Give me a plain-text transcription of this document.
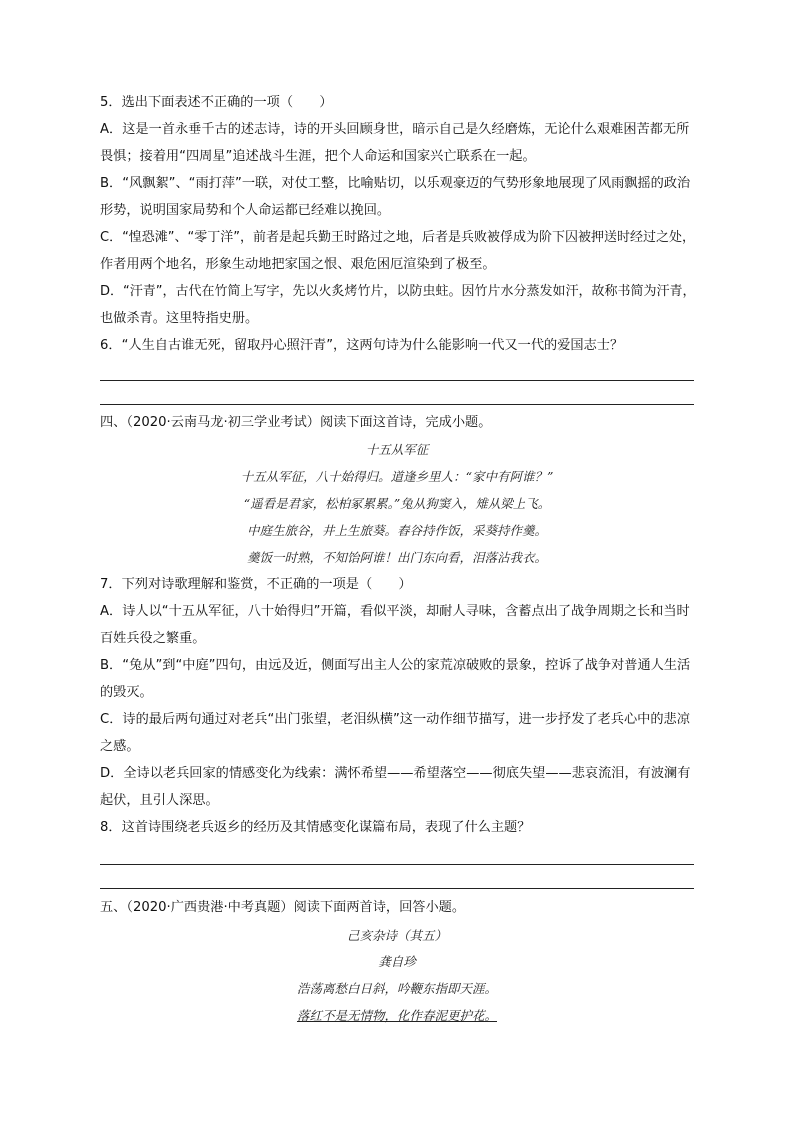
5．选出下面表述不正确的一项（　　）
A．这是一首永垂千古的述志诗，诗的开头回顾身世，暗示自己是久经磨炼，无论什么艰难困苦都无所
畏惧；接着用“四周星”追述战斗生涯，把个人命运和国家兴亡联系在一起。
B．“风飘絮”、“雨打萍”一联，对仗工整，比喻贴切，以乐观豪迈的气势形象地展现了风雨飘摇的政治
形势，说明国家局势和个人命运都已经难以挽回。
C．“惶恐滩”、“零丁洋”，前者是起兵勤王时路过之地，后者是兵败被俘成为阶下囚被押送时经过之处，
作者用两个地名，形象生动地把家国之恨、艰危困厄渲染到了极至。
D．“汗青”，古代在竹简上写字，先以火炙烤竹片，以防虫蛀。因竹片水分蒸发如汗，故称书简为汗青，
也做杀青。这里特指史册。
6．“人生自古谁无死，留取丹心照汗青”，这两句诗为什么能影响一代又一代的爱国志士？
四、（2020·云南马龙·初三学业考试）阅读下面这首诗，完成小题。
十五从军征
十五从军征，八十始得归。道逢乡里人：“家中有阿谁？”
“遥看是君家，松柏冢累累。”兔从狗窦入，雉从梁上飞。
中庭生旅谷，井上生旅葵。舂谷持作饭，采葵持作羹。
羹饭一时熟，不知饴阿谁！出门东向看，泪落沾我衣。
7．下列对诗歌理解和鉴赏，不正确的一项是（　　）
A．诗人以“十五从军征，八十始得归”开篇，看似平淡，却耐人寻味，含蓄点出了战争周期之长和当时
百姓兵役之繁重。
B．“兔从”到“中庭”四句，由远及近，侧面写出主人公的家荒凉破败的景象，控诉了战争对普通人生活
的毁灭。
C．诗的最后两句通过对老兵“出门张望，老泪纵横”这一动作细节描写，进一步抒发了老兵心中的悲凉
之感。
D．全诗以老兵回家的情感变化为线索：满怀希望——希望落空——彻底失望——悲哀流泪，有波澜有
起伏，且引人深思。
8．这首诗围绕老兵返乡的经历及其情感变化谋篇布局，表现了什么主题？
五、（2020·广西贵港·中考真题）阅读下面两首诗，回答小题。
己亥杂诗（其五）
龚自珍
浩荡离愁白日斜，吟鞭东指即天涯。
落红不是无情物，化作春泥更护花。
